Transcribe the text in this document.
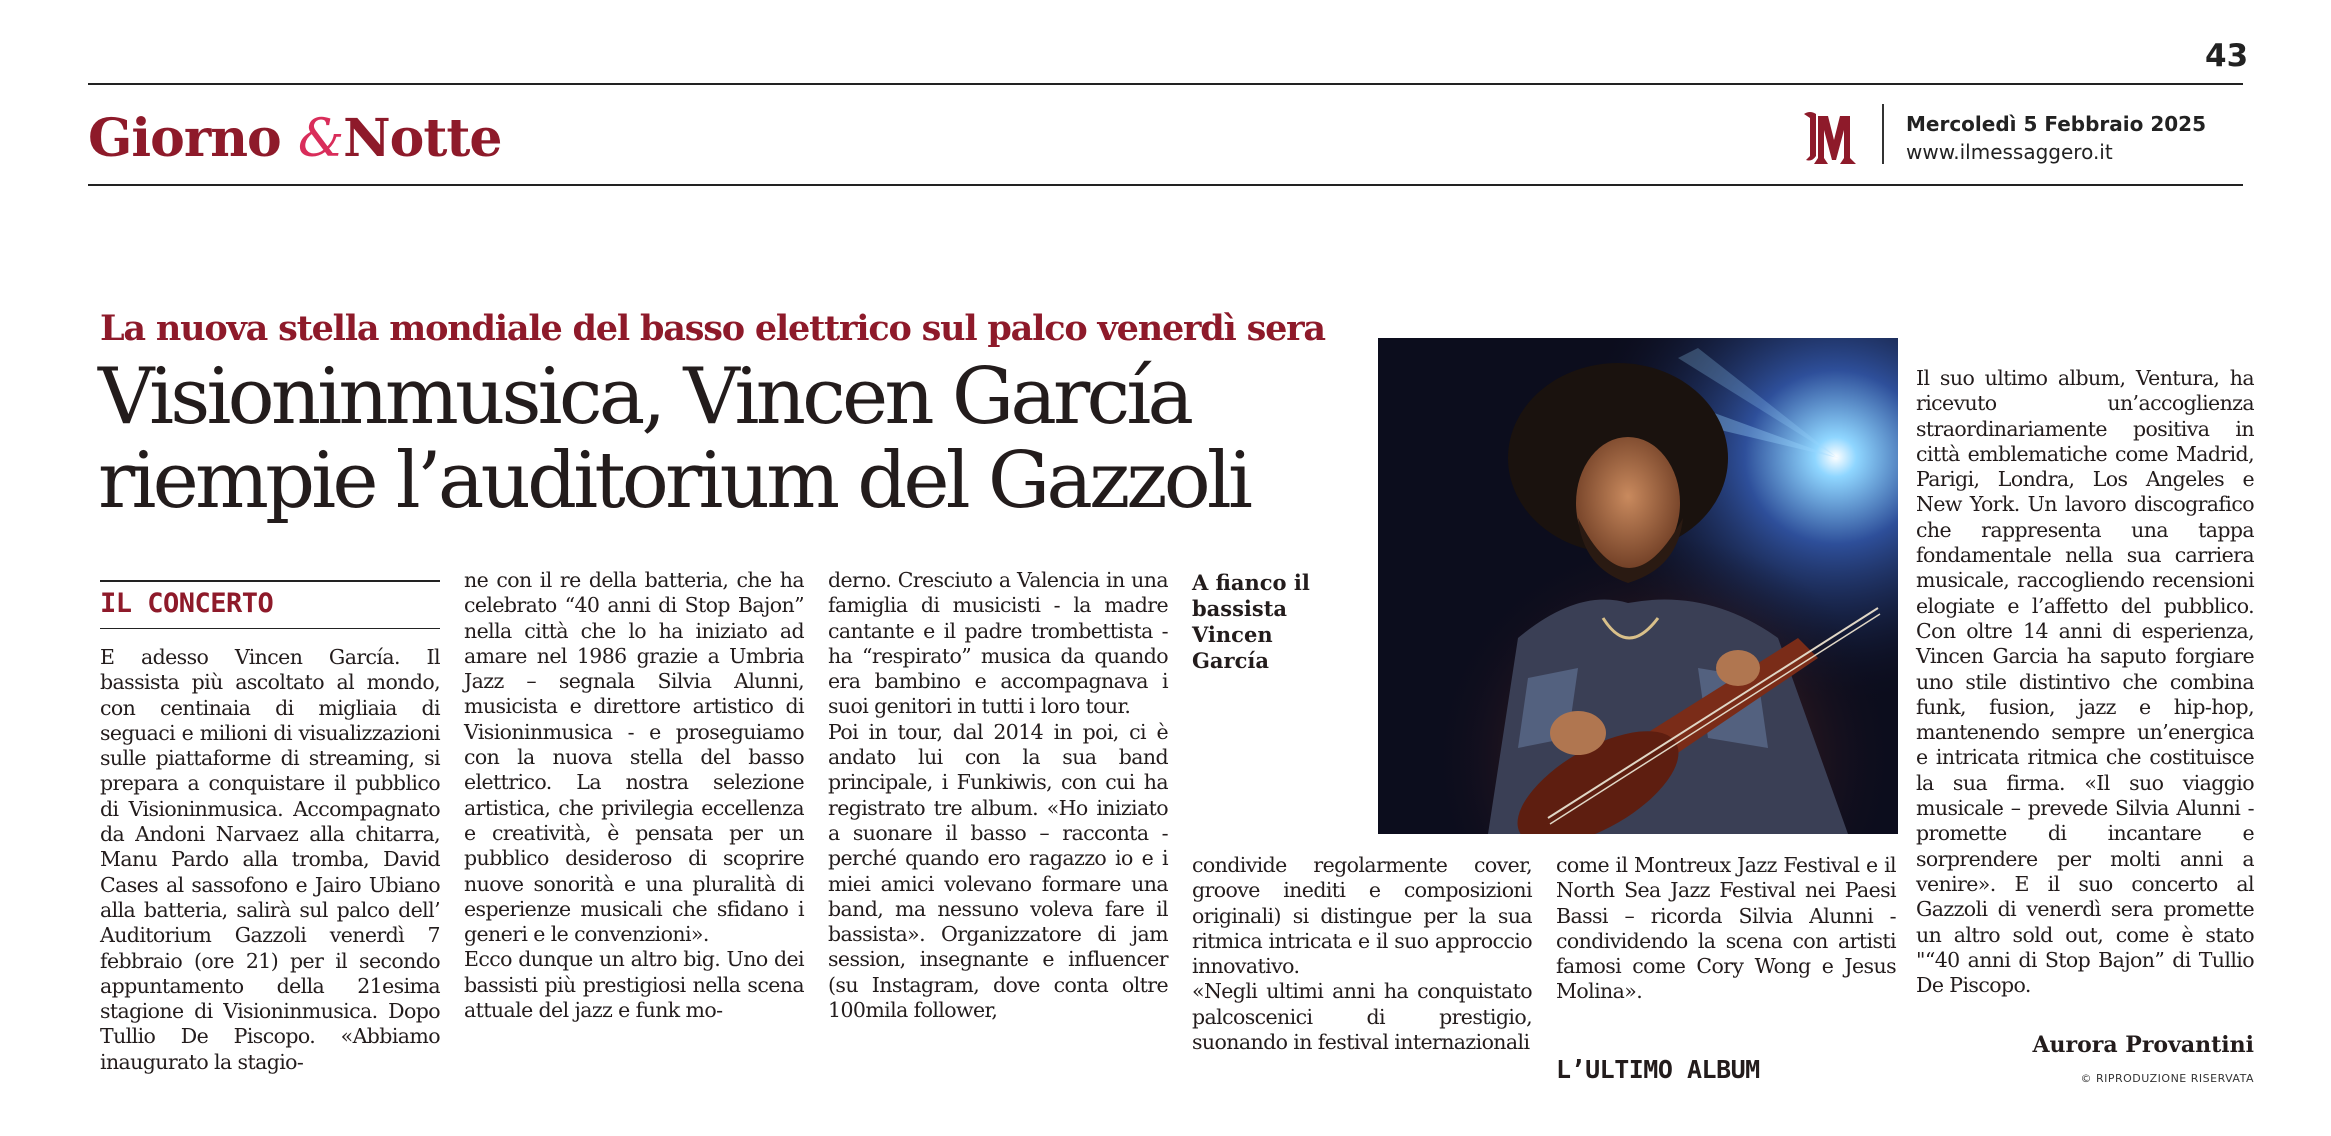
43
Giorno &Notte	Mercoledì 5 Febbraio 2025
www.ilmessaggero.it
La nuova stella mondiale del basso elettrico sul palco venerdì sera
Visioninmusica, Vincen García
riempie l’auditorium del Gazzoli
IL CONCERTO

E adesso Vincen García. Il bassista più ascoltato al mondo, con centinaia di migliaia di seguaci e milioni di visualizzazioni sulle piattaforme di streaming, si prepara a conquistare il pubblico di Visioninmusica. Accompagnato da Andoni Narvaez alla chitarra, Manu Pardo alla tromba, David Cases al sassofono e Jairo Ubiano alla batteria, salirà sul palco dell’ Auditorium Gazzoli venerdì 7 febbraio (ore 21) per il secondo appuntamento della 21esima stagione di Visioninmusica. Dopo Tullio De Piscopo. «Abbiamo inaugurato la stagio-

ne con il re della batteria, che ha celebrato “40 anni di Stop Bajon” nella città che lo ha iniziato ad amare nel 1986 grazie a Umbria Jazz – segnala Silvia Alunni, musicista e direttore artistico di Visioninmusica - e proseguiamo con la nuova stella del basso elettrico. La nostra selezione artistica, che privilegia eccellenza e creatività, è pensata per un pubblico desideroso di scoprire nuove sonorità e una pluralità di esperienze musicali che sfidano i generi e le convenzioni».

Ecco dunque un altro big. Uno dei bassisti più prestigiosi nella scena attuale del jazz e funk mo-

derno. Cresciuto a Valencia in una famiglia di musicisti - la madre cantante e il padre trombettista - ha “respirato” musica da quando era bambino e accompagnava i suoi genitori in tutti i loro tour.

Poi in tour, dal 2014 in poi, ci è andato lui con la sua band principale, i Funkiwis, con cui ha registrato tre album. «Ho iniziato a suonare il basso – racconta - perché quando ero ragazzo io e i miei amici volevano formare una band, ma nessuno voleva fare il bassista». Organizzatore di jam session, insegnante e influencer (su Instagram, dove conta oltre 100mila follower,

A fianco il bassista Vincen García

condivide regolarmente cover, groove inediti e composizioni originali) si distingue per la sua ritmica intricata e il suo approccio innovativo.

«Negli ultimi anni ha conquistato palcoscenici di prestigio, suonando in festival internazionali

come il Montreux Jazz Festival e il North Sea Jazz Festival nei Paesi Bassi – ricorda Silvia Alunni - condividendo la scena con artisti famosi come Cory Wong e Jesus Molina».

L’ULTIMO ALBUM

Il suo ultimo album, Ventura, ha ricevuto un’accoglienza straordinariamente positiva in città emblematiche come Madrid, Parigi, Londra, Los Angeles e New York. Un lavoro discografico che rappresenta una tappa fondamentale nella sua carriera musicale, raccogliendo recensioni elogiate e l’affetto del pubblico. Con oltre 14 anni di esperienza, Vincen Garcia ha saputo forgiare uno stile distintivo che combina funk, fusion, jazz e hip-hop, mantenendo sempre un’energica e intricata ritmica che costituisce la sua firma. «Il suo viaggio musicale – prevede Silvia Alunni - promette di incantare e sorprendere per molti anni a venire». E il suo concerto al Gazzoli di venerdì sera promette un altro sold out, come è stato "“40 anni di Stop Bajon” di Tullio De Piscopo.

Aurora Provantini
© RIPRODUZIONE RISERVATA
